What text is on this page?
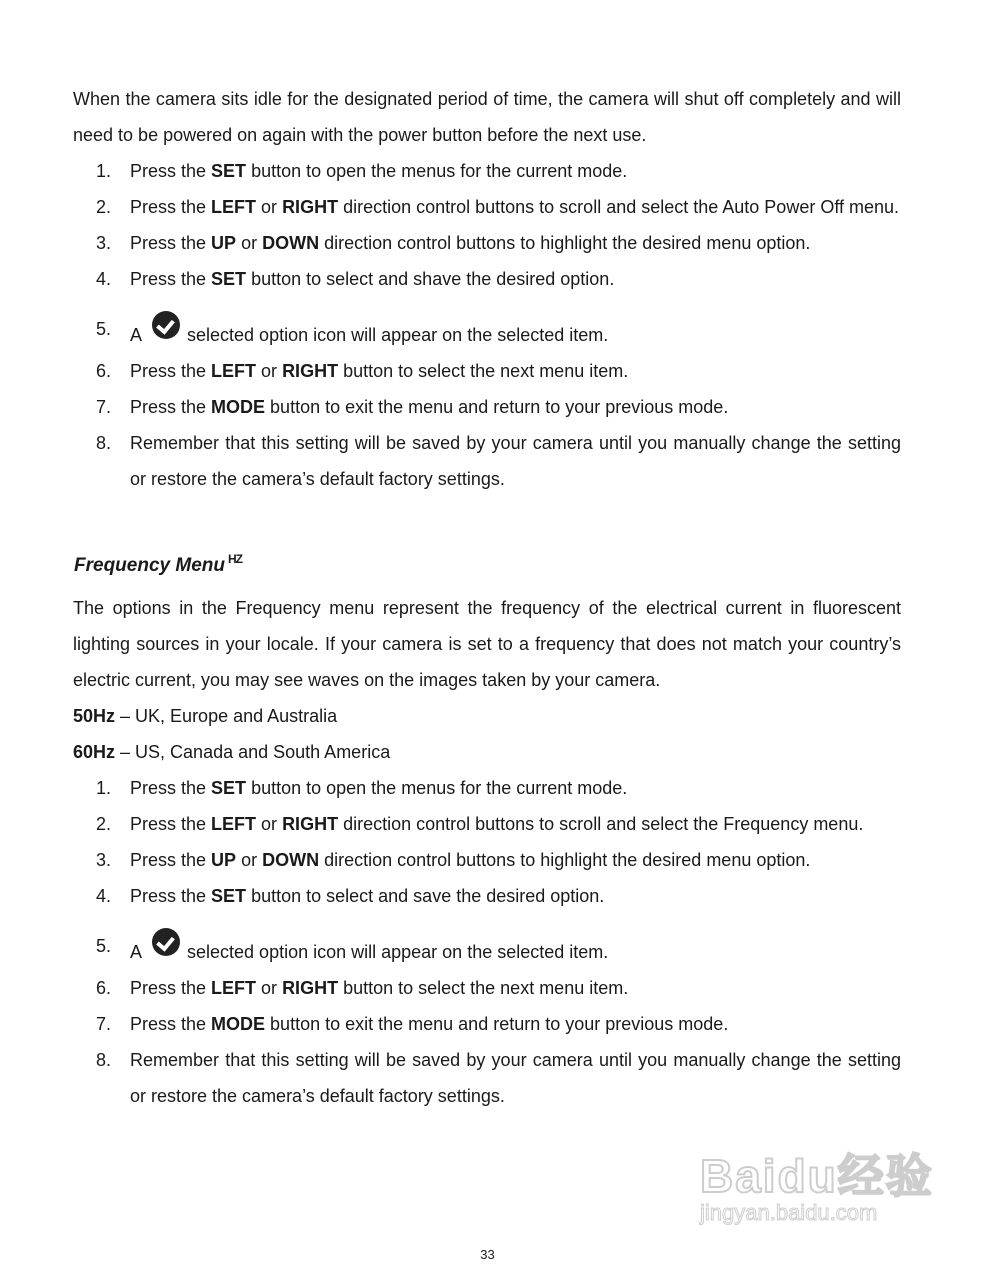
When the camera sits idle for the designated period of time, the camera will shut off completely and will need to be powered on again with the power button before the next use.

1. Press the SET button to open the menus for the current mode.
2. Press the LEFT or RIGHT direction control buttons to scroll and select the Auto Power Off menu.
3. Press the UP or DOWN direction control buttons to highlight the desired menu option.
4. Press the SET button to select and shave the desired option.
5. A	selected option icon will appear on the selected item.
6. Press the LEFT or RIGHT button to select the next menu item.
7. Press the MODE button to exit the menu and return to your previous mode.
8. Remember that this setting will be saved by your camera until you manually change the setting or restore the camera’s default factory settings.
Frequency Menu $^{HZ}$

The options in the Frequency menu represent the frequency of the electrical current in fluorescent lighting sources in your locale. If your camera is set to a frequency that does not match your country’s electric current, you may see waves on the images taken by your camera.

50Hz – UK, Europe and Australia

60Hz – US, Canada and South America

1. Press the SET button to open the menus for the current mode.
2. Press the LEFT or RIGHT direction control buttons to scroll and select the Frequency menu.
3. Press the UP or DOWN direction control buttons to highlight the desired menu option.
4. Press the SET button to select and save the desired option.
5. A	selected option icon will appear on the selected item.
6. Press the LEFT or RIGHT button to select the next menu item.
7. Press the MODE button to exit the menu and return to your previous mode.
8. Remember that this setting will be saved by your camera until you manually change the setting or restore the camera’s default factory settings.
Baidu经验
jingyan.baidu.com
33
